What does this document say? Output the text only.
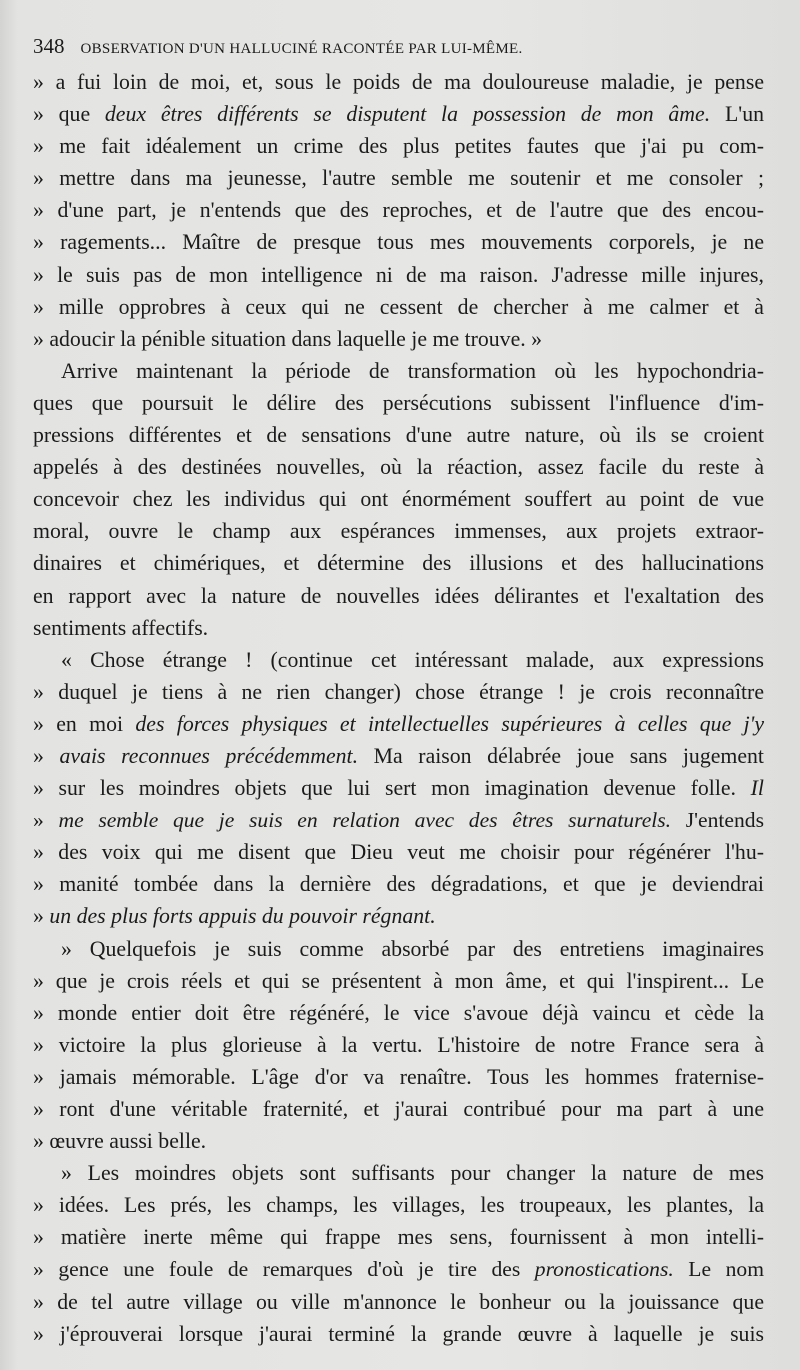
348 OBSERVATION D'UN HALLUCINÉ RACONTÉE PAR LUI-MÊME.
» a fui loin de moi, et, sous le poids de ma douloureuse maladie, je pense
» que deux êtres différents se disputent la possession de mon âme. L'un
» me fait idéalement un crime des plus petites fautes que j'ai pu com-
» mettre dans ma jeunesse, l'autre semble me soutenir et me consoler ;
» d'une part, je n'entends que des reproches, et de l'autre que des encou-
» ragements... Maître de presque tous mes mouvements corporels, je ne
» le suis pas de mon intelligence ni de ma raison. J'adresse mille injures,
» mille opprobres à ceux qui ne cessent de chercher à me calmer et à
» adoucir la pénible situation dans laquelle je me trouve. »
Arrive maintenant la période de transformation où les hypochondria-
ques que poursuit le délire des persécutions subissent l'influence d'im-
pressions différentes et de sensations d'une autre nature, où ils se croient
appelés à des destinées nouvelles, où la réaction, assez facile du reste à
concevoir chez les individus qui ont énormément souffert au point de vue
moral, ouvre le champ aux espérances immenses, aux projets extraor-
dinaires et chimériques, et détermine des illusions et des hallucinations
en rapport avec la nature de nouvelles idées délirantes et l'exaltation des
sentiments affectifs.
« Chose étrange ! (continue cet intéressant malade, aux expressions
» duquel je tiens à ne rien changer) chose étrange ! je crois reconnaître
» en moi des forces physiques et intellectuelles supérieures à celles que j'y
» avais reconnues précédemment. Ma raison délabrée joue sans jugement
» sur les moindres objets que lui sert mon imagination devenue folle. Il
» me semble que je suis en relation avec des êtres surnaturels. J'entends
» des voix qui me disent que Dieu veut me choisir pour régénérer l'hu-
» manité tombée dans la dernière des dégradations, et que je deviendrai
» un des plus forts appuis du pouvoir régnant.
» Quelquefois je suis comme absorbé par des entretiens imaginaires
» que je crois réels et qui se présentent à mon âme, et qui l'inspirent... Le
» monde entier doit être régénéré, le vice s'avoue déjà vaincu et cède la
» victoire la plus glorieuse à la vertu. L'histoire de notre France sera à
» jamais mémorable. L'âge d'or va renaître. Tous les hommes fraternise-
» ront d'une véritable fraternité, et j'aurai contribué pour ma part à une
» œuvre aussi belle.
» Les moindres objets sont suffisants pour changer la nature de mes
» idées. Les prés, les champs, les villages, les troupeaux, les plantes, la
» matière inerte même qui frappe mes sens, fournissent à mon intelli-
» gence une foule de remarques d'où je tire des pronostications. Le nom
» de tel autre village ou ville m'annonce le bonheur ou la jouissance que
» j'éprouverai lorsque j'aurai terminé la grande œuvre à laquelle je suis
